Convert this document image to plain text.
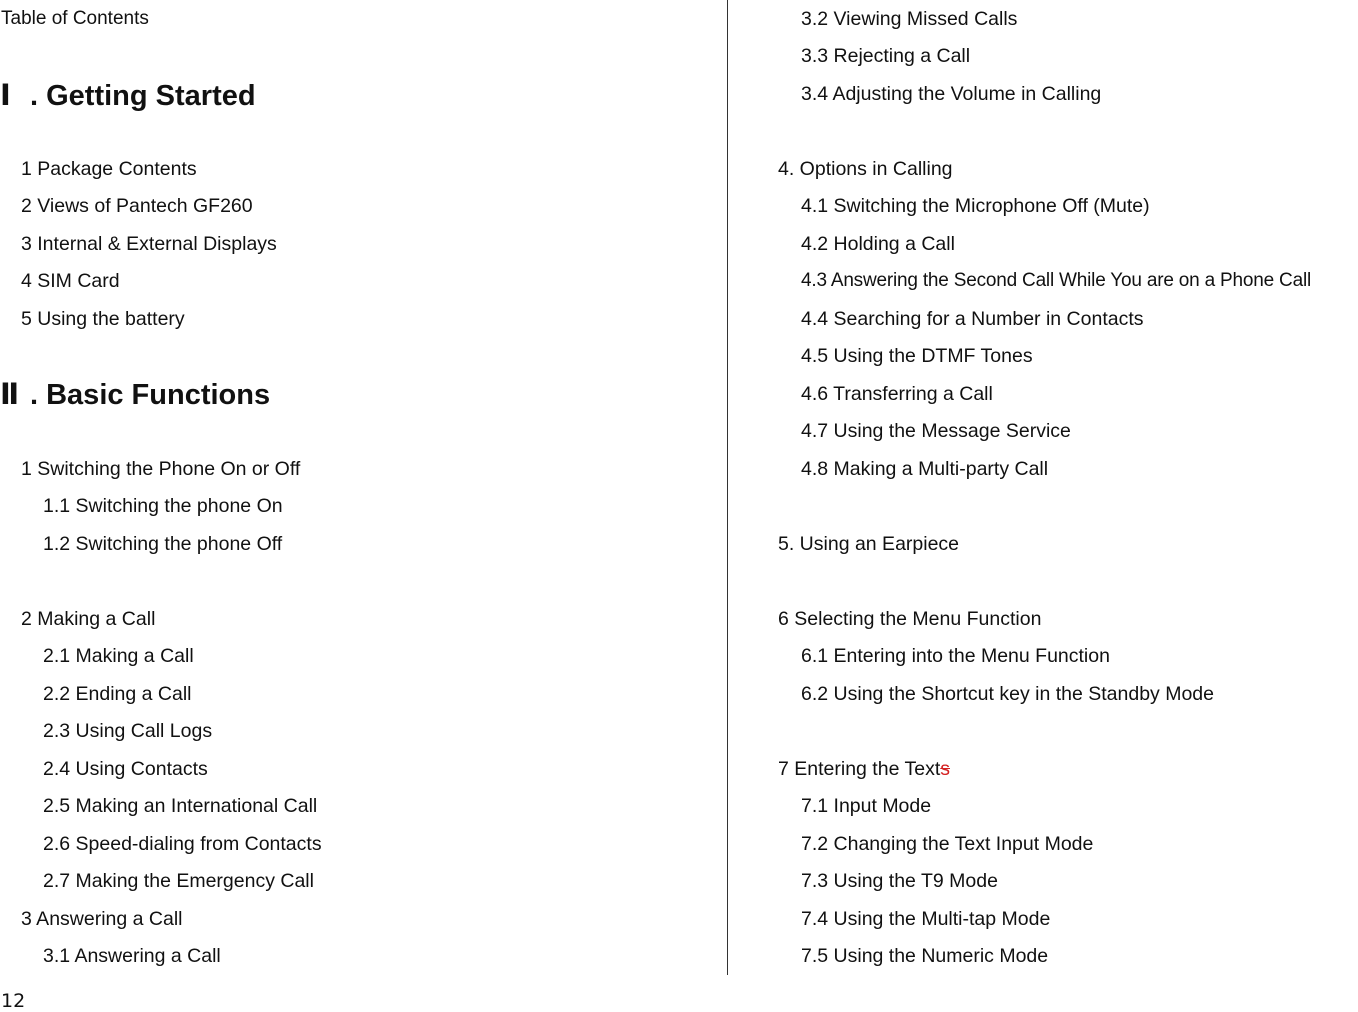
Table of Contents
Ⅰ . Getting Started
1 Package Contents
2 Views of Pantech GF260
3 Internal & External Displays
4 SIM Card
5 Using the battery
Ⅱ . Basic Functions
1 Switching the Phone On or Off
1.1 Switching the phone On
1.2 Switching the phone Off
2 Making a Call
2.1 Making a Call
2.2 Ending a Call
2.3 Using Call Logs
2.4 Using Contacts
2.5 Making an International Call
2.6 Speed-dialing from Contacts
2.7 Making the Emergency Call
3 Answering a Call
3.1 Answering a Call
3.2 Viewing Missed Calls
3.3 Rejecting a Call
3.4 Adjusting the Volume in Calling
4. Options in Calling
4.1 Switching the Microphone Off (Mute)
4.2 Holding a Call
4.3 Answering the Second Call While You are on a Phone Call
4.4 Searching for a Number in Contacts
4.5 Using the DTMF Tones
4.6 Transferring a Call
4.7 Using the Message Service
4.8 Making a Multi-party Call
5. Using an Earpiece
6 Selecting the Menu Function
6.1 Entering into the Menu Function
6.2 Using the Shortcut key in the Standby Mode
7 Entering the Texts
7.1 Input Mode
7.2 Changing the Text Input Mode
7.3 Using the T9 Mode
7.4 Using the Multi-tap Mode
7.5 Using the Numeric Mode
12
